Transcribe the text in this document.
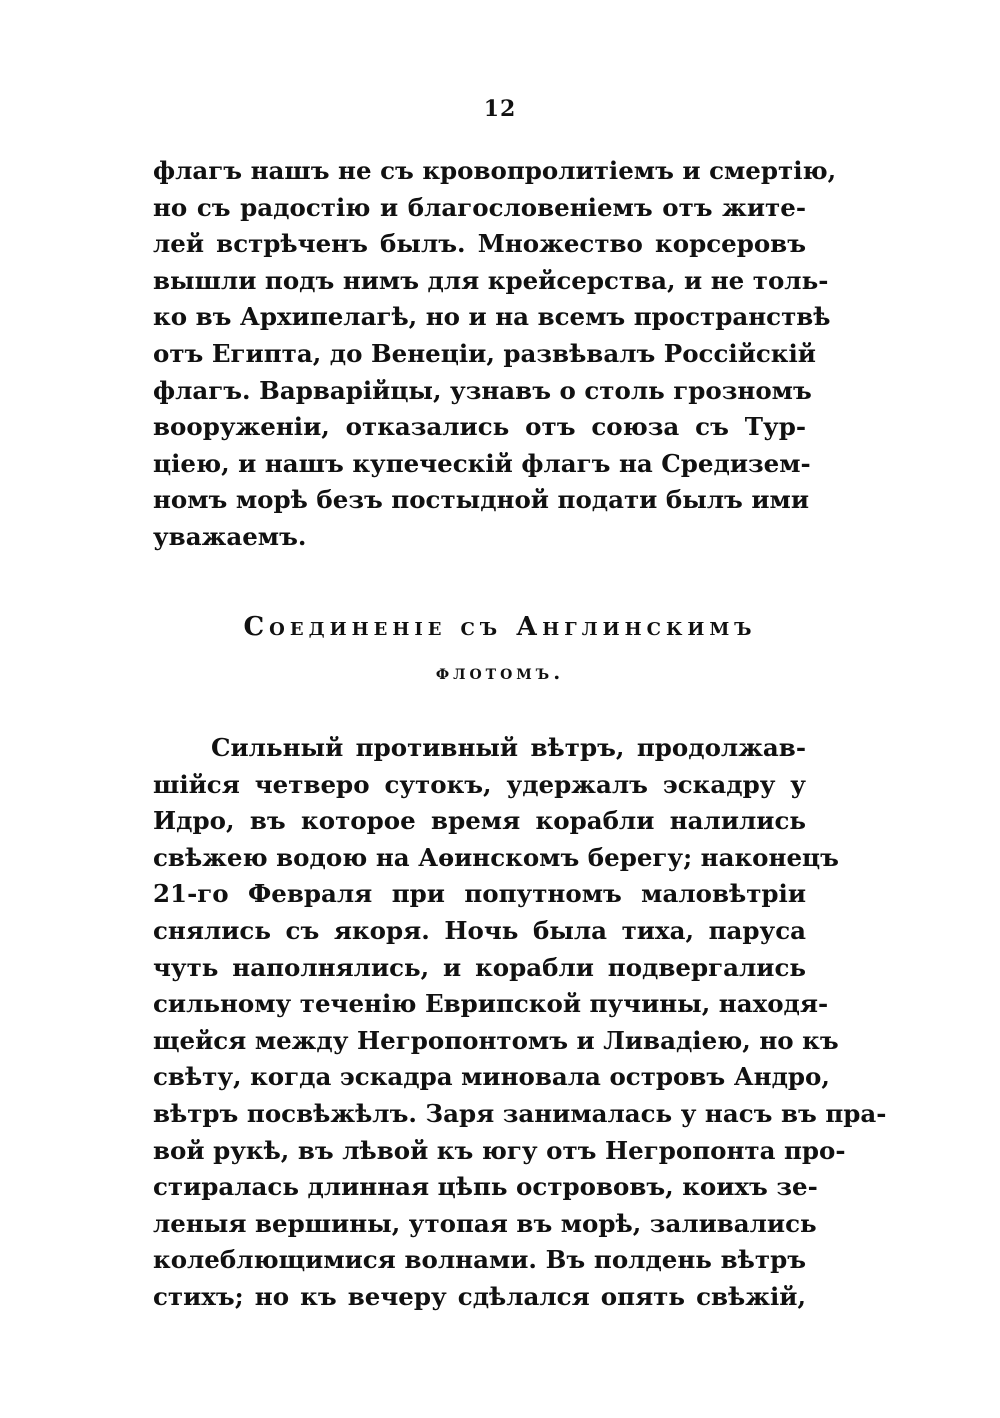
12
флагъ нашъ не съ кровопролитіемъ и смертію,
но съ радостію и благословеніемъ отъ жите-
лей встрѣченъ былъ. Множество корсеровъ
вышли подъ нимъ для крейсерства, и не толь-
ко въ Архипелагѣ, но и на всемъ пространствѣ
отъ Египта, до Венеціи, развѣвалъ Россійскій
флагъ. Варварійцы, узнавъ о столь грозномъ
вооруженіи, отказались отъ союза съ Тур-
ціею, и нашъ купеческій флагъ на Средизем-
номъ морѣ безъ постыдной подати былъ ими
уважаемъ.
Соединеніе съ Англинскимъ
флотомъ.
Сильный противный вѣтръ, продолжав-
шійся четверо сутокъ, удержалъ эскадру у
Идро, въ которое время корабли налились
свѣжею водою на Аѳинскомъ берегу; наконецъ
21-го Февраля при попутномъ маловѣтріи
снялись съ якоря. Ночь была тиха, паруса
чуть наполнялись, и корабли подвергались
сильному теченію Еврипской пучины, находя-
щейся между Негропонтомъ и Ливадіею, но къ
свѣту, когда эскадра миновала островъ Андро,
вѣтръ посвѣжѣлъ. Заря занималась у насъ въ пра-
вой рукѣ, въ лѣвой къ югу отъ Негропонта про-
стиралась длинная цѣпь острововъ, коихъ зе-
леныя вершины, утопая въ морѣ, заливались
колеблющимися волнами. Въ полдень вѣтръ
стихъ; но къ вечеру сдѣлался опять свѣжій,
